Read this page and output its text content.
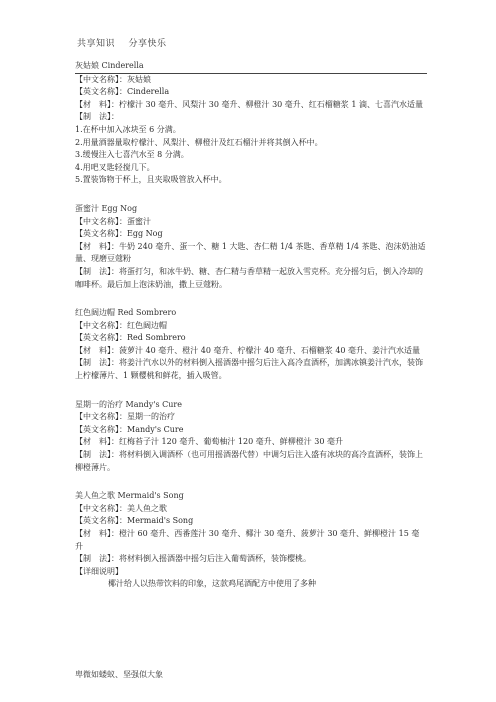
共享知识    分享快乐
灰姑娘 Cinderella
【中文名称】：灰姑娘
【英文名称】：Cinderella
【材　料】：柠檬汁 30 毫升、风梨汁 30 毫升、柳橙汁 30 毫升、红石榴糖浆 1 滴、七喜汽水适量
【制　法】：
1.在杯中加入冰块至 6 分满。
2.用量酒器量取柠檬汁、风梨汁、柳橙汁及红石榴汁并将其倒入杯中。
3.缓慢注入七喜汽水至 8 分满。
4.用吧叉匙轻搅几下。
5.置装饰物于杯上，且夹取吸管放入杯中。
蛋蜜汁 Egg Nog
【中文名称】：蛋蜜汁
【英文名称】：Egg Nog
【材　料】：牛奶 240 毫升、蛋一个、糖 1 大匙、杏仁精 1/4 茶匙、香草精 1/4 茶匙、泡沫奶油适量、现磨豆蔻粉
【制　法】：将蛋打匀，和冰牛奶、糖、杏仁精与香草精一起放入雪克杯。充分摇匀后，倒入冷却的咖啡杯。最后加上泡沫奶油，撒上豆蔻粉。
红色阔边帽 Red Sombrero
【中文名称】：红色阔边帽
【英文名称】：Red Sombrero
【材　料】：菠萝汁 40 毫升、橙汁 40 毫升、柠檬汁 40 毫升、石榴糖浆 40 毫升、姜汁汽水适量
【制　法】：将姜汁汽水以外的材料倒入摇酒器中摇匀后注入高冷直酒杯，加满冰镇姜汁汽水，装饰上柠檬薄片、1 颗樱桃和鲜花，插入吸管。
星期一的治疗 Mandy's Cure
【中文名称】：星期一的治疗
【英文名称】：Mandy's Cure
【材　料】：红梅苔子汁 120 毫升、葡萄柚汁 120 毫升、鲜柳橙汁 30 毫升
【制　法】：将材料倒入调酒杯（也可用摇酒器代替）中调匀后注入盛有冰块的高冷直酒杯，装饰上柳橙薄片。
美人鱼之歌 Mermaid's Song
【中文名称】：美人鱼之歌
【英文名称】：Mermaid's Song
【材　料】：橙汁 60 毫升、西番莲汁 30 毫升、椰汁 30 毫升、菠萝汁 30 毫升、鲜柳橙汁 15 毫升
【制　法】：将材料倒入摇酒器中摇匀后注入葡萄酒杯，装饰樱桃。
【详细说明】
椰汁给人以热带饮料的印象，这款鸡尾酒配方中使用了多种
卑微如蝼蚁、坚强似大象
